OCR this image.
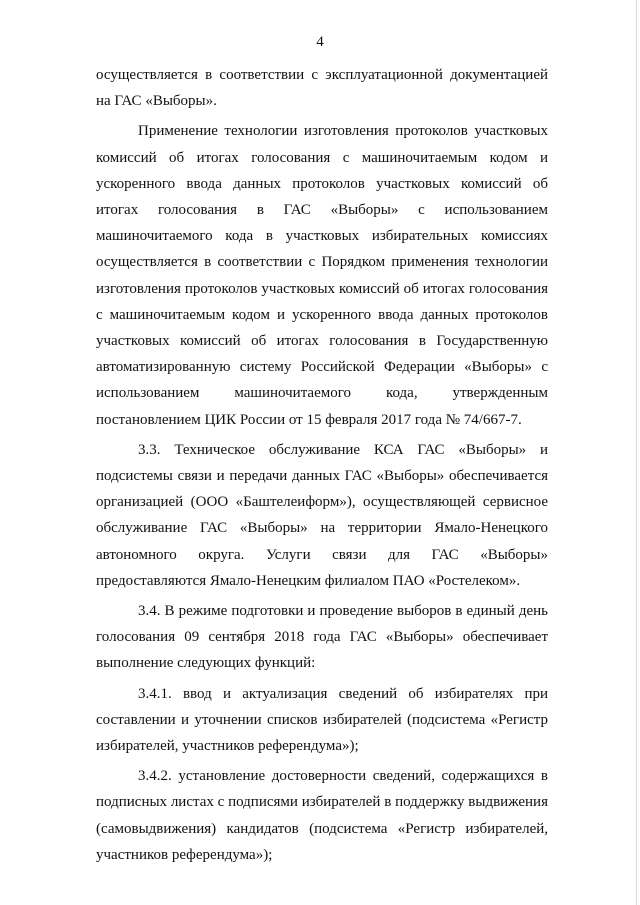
4

осуществляется в соответствии с эксплуатационной документацией на ГАС «Выборы».

Применение технологии изготовления протоколов участковых комиссий об итогах голосования с машиночитаемым кодом и ускоренного ввода данных протоколов участковых комиссий об итогах голосования в ГАС «Выборы» с использованием машиночитаемого кода в участковых избирательных комиссиях осуществляется в соответствии с Порядком применения технологии изготовления протоколов участковых комиссий об итогах голосования с машиночитаемым кодом и ускоренного ввода данных протоколов участковых комиссий об итогах голосования в Государственную автоматизированную систему Российской Федерации «Выборы» с использованием машиночитаемого кода, утвержденным постановлением ЦИК России от 15 февраля 2017 года № 74/667-7.

3.3. Техническое обслуживание КСА ГАС «Выборы» и подсистемы связи и передачи данных ГАС «Выборы» обеспечивается организацией (ООО «Баштелеиформ»), осуществляющей сервисное обслуживание ГАС «Выборы» на территории Ямало-Ненецкого автономного округа. Услуги связи для ГАС «Выборы» предоставляются Ямало-Ненецким филиалом ПАО «Ростелеком».

3.4. В режиме подготовки и проведение выборов в единый день голосования 09 сентября 2018 года ГАС «Выборы» обеспечивает выполнение следующих функций:

3.4.1. ввод и актуализация сведений об избирателях при составлении и уточнении списков избирателей (подсистема «Регистр избирателей, участников референдума»);

3.4.2. установление достоверности сведений, содержащихся в подписных листах с подписями избирателей в поддержку выдвижения (самовыдвижения) кандидатов (подсистема «Регистр избирателей, участников референдума»);
